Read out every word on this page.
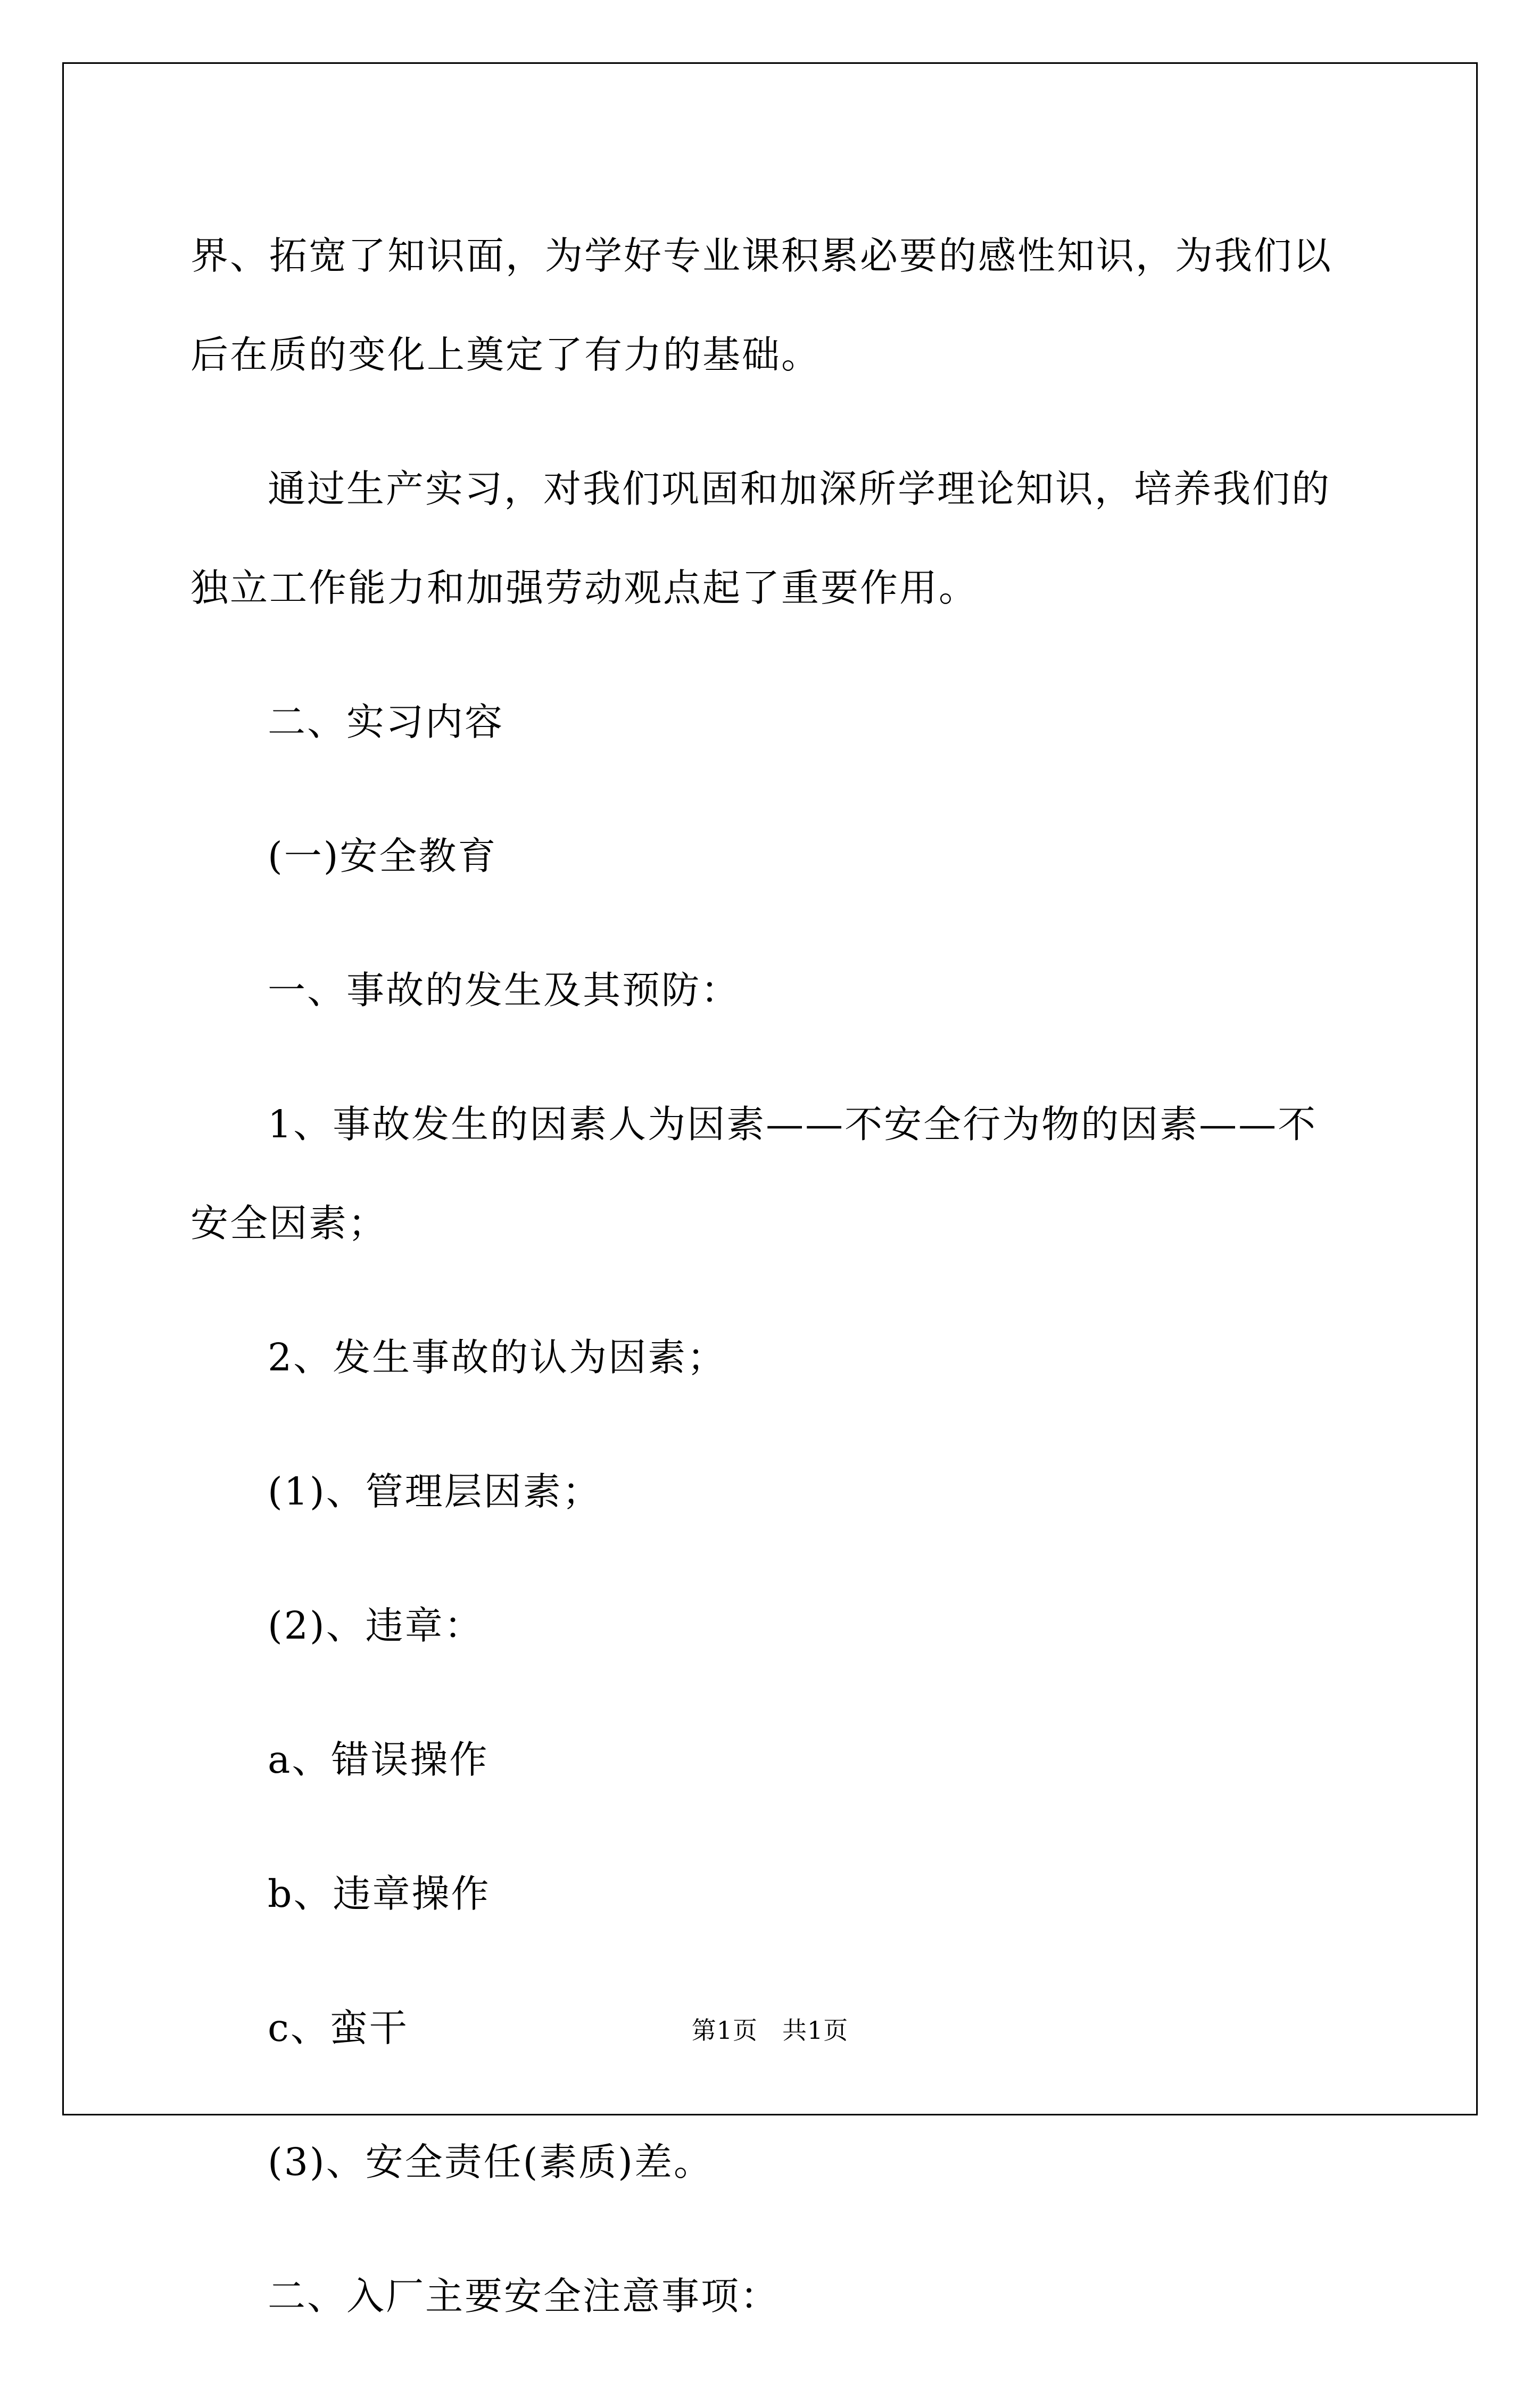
界、拓宽了知识面，为学好专业课积累必要的感性知识，为我们以后在质的变化上奠定了有力的基础。

通过生产实习，对我们巩固和加深所学理论知识，培养我们的独立工作能力和加强劳动观点起了重要作用。

二、实习内容

(一)安全教育

一、事故的发生及其预防：

1、事故发生的因素人为因素——不安全行为物的因素——不安全因素；

2、发生事故的认为因素；

(1)、管理层因素；

(2)、违章：

a、错误操作

b、违章操作

c、蛮干

(3)、安全责任(素质)差。

二、入厂主要安全注意事项：

第1页 共1页
